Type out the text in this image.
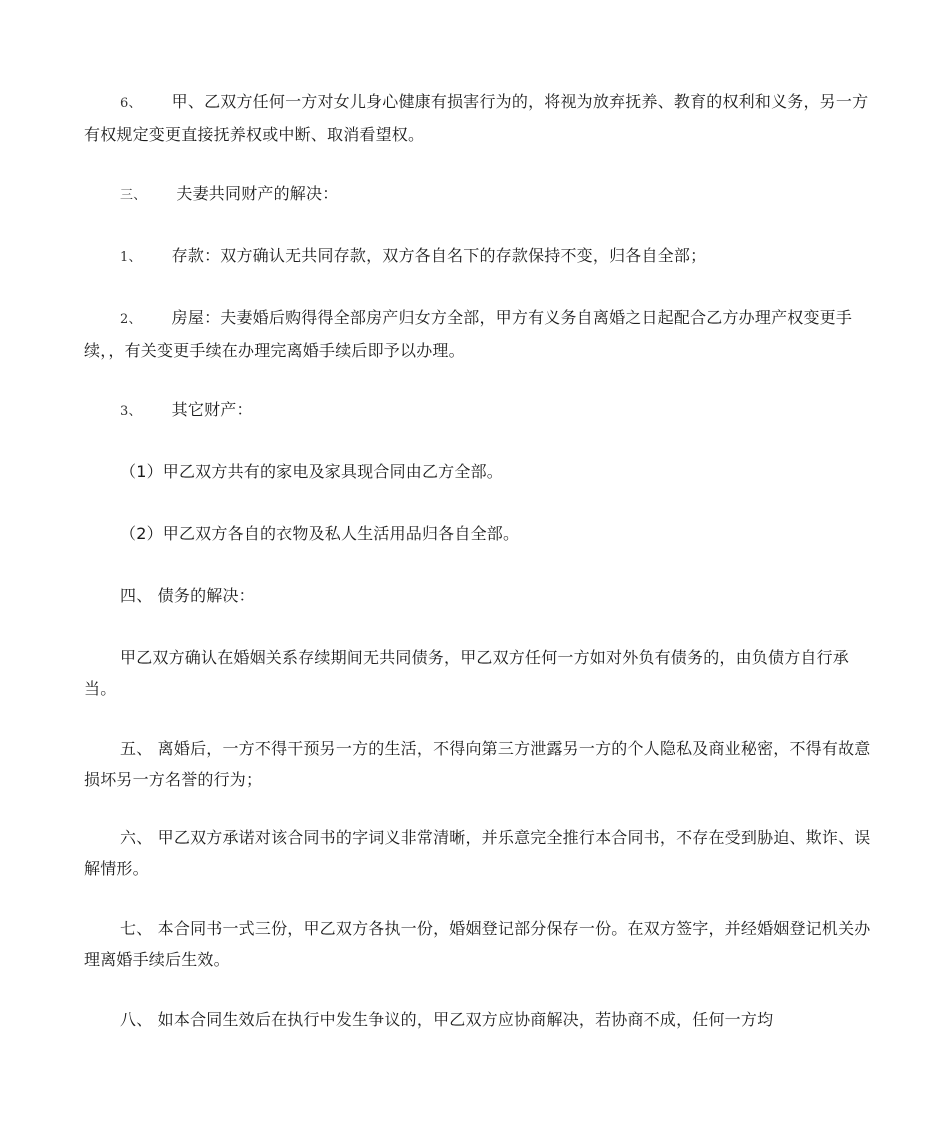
6、 甲、乙双方任何一方对女儿身心健康有损害行为的，将视为放弃抚养、教育的权利和义务，另一方有权规定变更直接抚养权或中断、取消看望权。

三、 夫妻共同财产的解决：

1、 存款：双方确认无共同存款，双方各自名下的存款保持不变，归各自全部；

2、 房屋：夫妻婚后购得得全部房产归女方全部，甲方有义务自离婚之日起配合乙方办理产权变更手续，，有关变更手续在办理完离婚手续后即予以办理。

3、 其它财产：

（1）甲乙双方共有的家电及家具现合同由乙方全部。

（2）甲乙双方各自的衣物及私人生活用品归各自全部。

四、 债务的解决：

甲乙双方确认在婚姻关系存续期间无共同债务，甲乙双方任何一方如对外负有债务的，由负债方自行承当。

五、 离婚后，一方不得干预另一方的生活，不得向第三方泄露另一方的个人隐私及商业秘密，不得有故意损坏另一方名誉的行为；

六、 甲乙双方承诺对该合同书的字词义非常清晰，并乐意完全推行本合同书，不存在受到胁迫、欺诈、误解情形。

七、 本合同书一式三份，甲乙双方各执一份，婚姻登记部分保存一份。在双方签字，并经婚姻登记机关办理离婚手续后生效。

八、 如本合同生效后在执行中发生争议的，甲乙双方应协商解决，若协商不成，任何一方均
